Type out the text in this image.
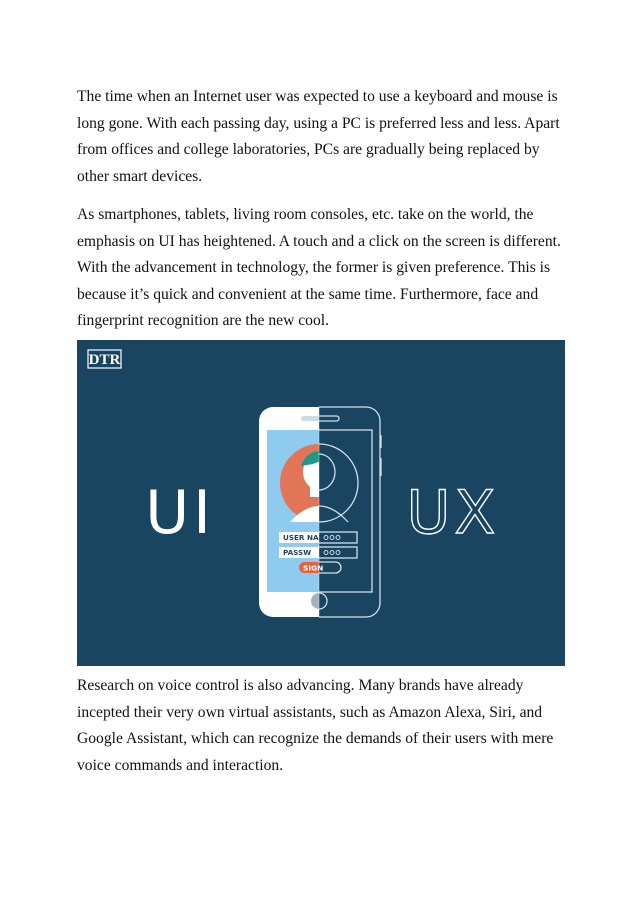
The time when an Internet user was expected to use a keyboard and mouse is long gone. With each passing day, using a PC is preferred less and less. Apart from offices and college laboratories, PCs are gradually being replaced by other smart devices.

As smartphones, tablets, living room consoles, etc. take on the world, the emphasis on UI has heightened. A touch and a click on the screen is different. With the advancement in technology, the former is given preference. This is because it’s quick and convenient at the same time. Furthermore, face and fingerprint recognition are the new cool.

DTR
UI	UX
USER NA
PASSW
SIGN

Research on voice control is also advancing. Many brands have already incepted their very own virtual assistants, such as Amazon Alexa, Siri, and Google Assistant, which can recognize the demands of their users with mere voice commands and interaction.
